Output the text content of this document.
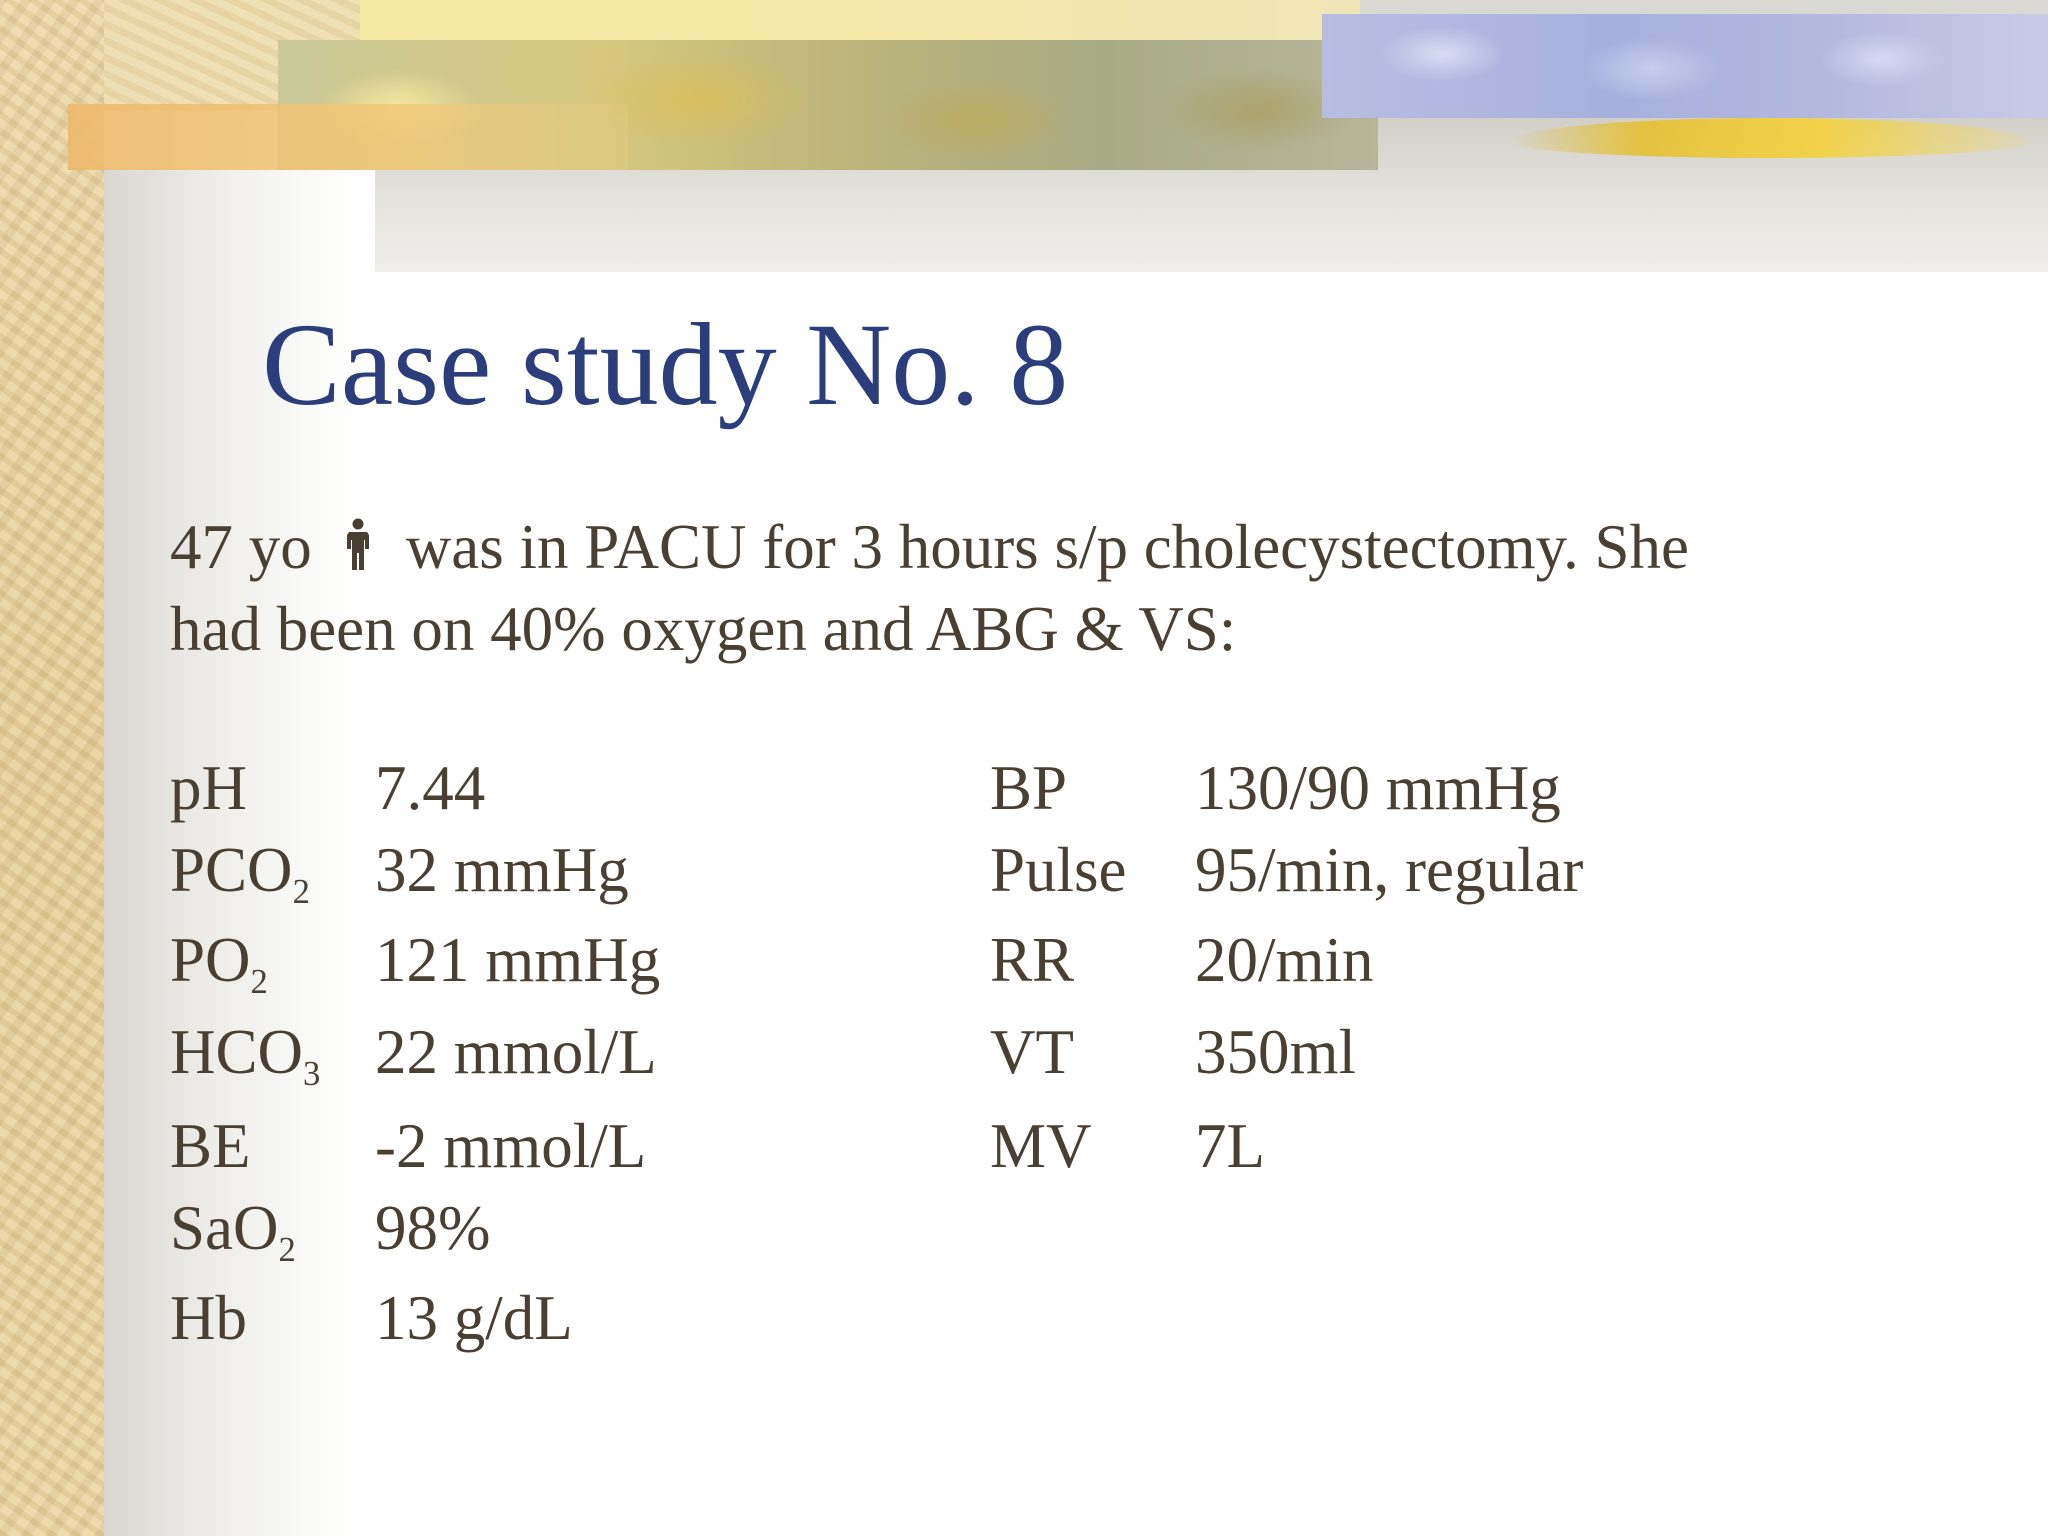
Case study No. 8
47 yo was in PACU for 3 hours s/p cholecystectomy. She
had been on 40% oxygen and ABG & VS:
pH 7.44	BP 130/90 mmHg
$PCO_2$ 32 mmHg	Pulse 95/min, regular
$PO_2$ 121 mmHg	RR 20/min
$HCO_3$ 22 mmol/L	VT 350ml
BE -2 mmol/L	MV 7L
SaO$_2$ 98%
Hb 13 g/dL
